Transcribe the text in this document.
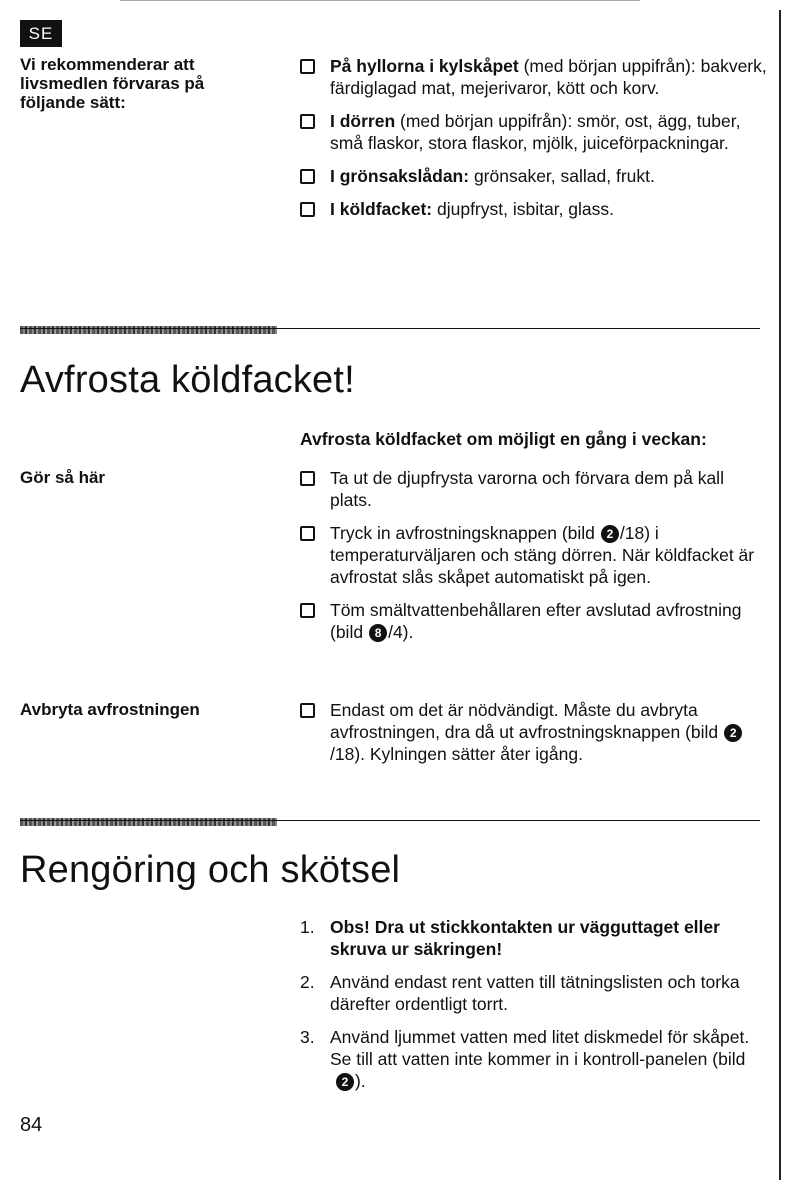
SE
Vi rekommenderar att livsmedlen förvaras på följande sätt:
På hyllorna i kylskåpet (med början uppifrån): bakverk, färdiglagad mat, mejerivaror, kött och korv.
I dörren (med början uppifrån): smör, ost, ägg, tuber, små flaskor, stora flaskor, mjölk, juiceförpackningar.
I grönsakslådan: grönsaker, sallad, frukt.
I köldfacket: djupfryst, isbitar, glass.
Avfrosta köldfacket!
Avfrosta köldfacket om möjligt en gång i veckan:
Gör så här	Ta ut de djupfrysta varorna och förvara dem på kall plats.
Tryck in avfrostningsknappen (bild 2 /18) i temperaturväljaren och stäng dörren. När köldfacket är avfrostat slås skåpet automatiskt på igen.
Töm smältvattenbehållaren efter avslutad avfrostning (bild 8 /4).
Avbryta avfrostningen	Endast om det är nödvändigt. Måste du avbryta avfrostningen, dra då ut avfrostningsknappen (bild 2/18). Kylningen sätter åter igång.
Rengöring och skötsel
1. Obs! Dra ut stickkontakten ur vägguttaget eller skruva ur säkringen!
2. Använd endast rent vatten till tätningslisten och torka därefter ordentligt torrt.
3. Använd ljummet vatten med litet diskmedel för skåpet. Se till att vatten inte kommer in i kontroll-panelen (bild2 ).
84
